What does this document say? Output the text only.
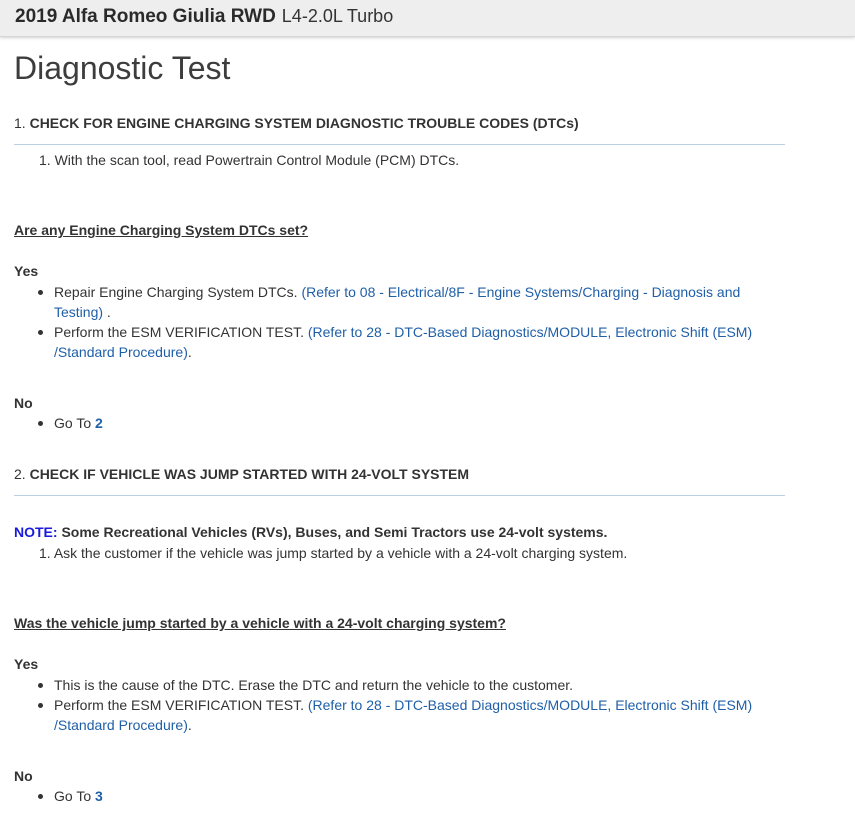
2019 Alfa Romeo Giulia RWD L4-2.0L Turbo

Diagnostic Test
1. CHECK FOR ENGINE CHARGING SYSTEM DIAGNOSTIC TROUBLE CODES (DTCs)
1. With the scan tool, read Powertrain Control Module (PCM) DTCs.
Are any Engine Charging System DTCs set?
Yes
Repair Engine Charging System DTCs. (Refer to 08 - Electrical/8F - Engine Systems/Charging - Diagnosis and
Testing) .
Perform the ESM VERIFICATION TEST. (Refer to 28 - DTC-Based Diagnostics/MODULE, Electronic Shift (ESM)
/Standard Procedure).
No
Go To 2
2. CHECK IF VEHICLE WAS JUMP STARTED WITH 24-VOLT SYSTEM
NOTE: Some Recreational Vehicles (RVs), Buses, and Semi Tractors use 24-volt systems.
1. Ask the customer if the vehicle was jump started by a vehicle with a 24-volt charging system.
Was the vehicle jump started by a vehicle with a 24-volt charging system?
Yes
This is the cause of the DTC. Erase the DTC and return the vehicle to the customer.
Perform the ESM VERIFICATION TEST. (Refer to 28 - DTC-Based Diagnostics/MODULE, Electronic Shift (ESM)
/Standard Procedure).
No
Go To 3
